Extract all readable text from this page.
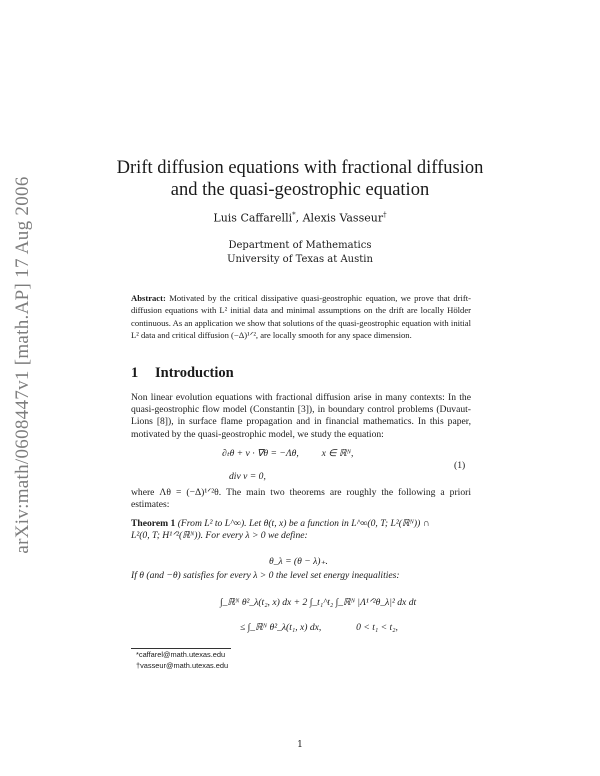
arXiv:math/0608447v1 [math.AP] 17 Aug 2006
Drift diffusion equations with fractional diffusion
and the quasi-geostrophic equation
Luis Caffarelli*, Alexis Vasseur†
Department of Mathematics
University of Texas at Austin
Abstract: Motivated by the critical dissipative quasi-geostrophic equation, we prove that drift-diffusion equations with L² initial data and minimal assumptions on the drift are locally Hölder continuous. As an application we show that solutions of the quasi-geostrophic equation with initial L² data and critical diffusion (−Δ)¹ᐟ², are locally smooth for any space dimension.
1 Introduction
Non linear evolution equations with fractional diffusion arise in many contexts: In the quasi-geostrophic flow model (Constantin [3]), in boundary control problems (Duvaut-Lions [8]), in surface flame propagation and in financial mathematics. In this paper, motivated by the quasi-geostrophic model, we study the equation:
∂ₜθ + v · ∇θ = −Λθ, x ∈ ℝᴺ,
div v = 0,
(1)
where Λθ = (−Δ)¹ᐟ²θ. The main two theorems are roughly the following a priori estimates:
Theorem 1 (From L² to L^∞). Let θ(t, x) be a function in L^∞(0, T; L²(ℝᴺ)) ∩
L²(0, T; H¹ᐟ²(ℝᴺ)). For every λ > 0 we define:
θ_λ = (θ − λ)₊.
If θ (and −θ) satisfies for every λ > 0 the level set energy inequalities:
∫_ℝᴺ θ²_λ(t₂, x) dx + 2 ∫_t₁^t₂ ∫_ℝᴺ |Λ¹ᐟ²θ_λ|² dx dt
≤ ∫_ℝᴺ θ²_λ(t₁, x) dx,	0 < t₁ < t₂,
*caffarel@math.utexas.edu
†vasseur@math.utexas.edu
1
